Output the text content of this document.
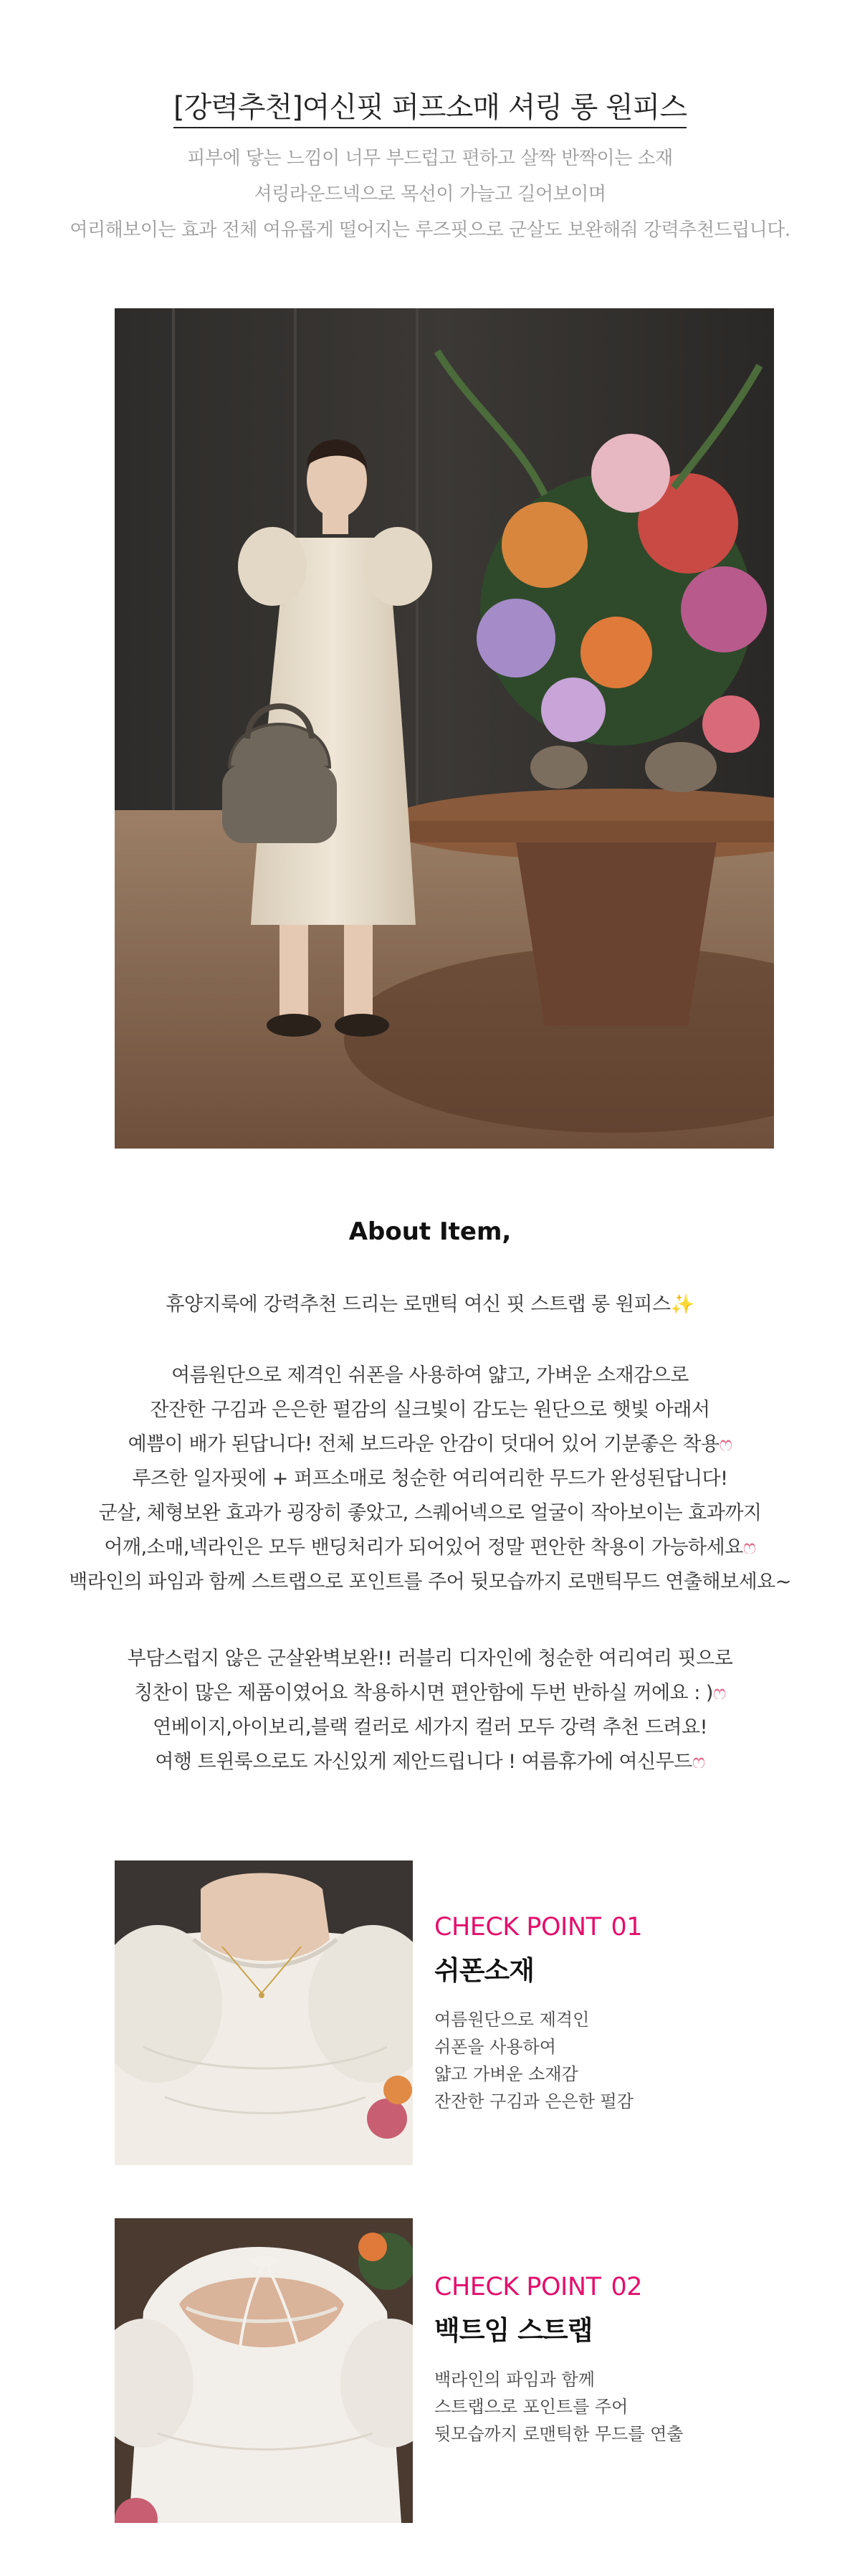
[강력추천]여신핏 퍼프소매 셔링 롱 원피스
피부에 닿는 느낌이 너무 부드럽고 편하고 살짝 반짝이는 소재
셔링라운드넥으로 목선이 가늘고 길어보이며
여리해보이는 효과 전체 여유롭게 떨어지는 루즈핏으로 군살도 보완해줘 강력추천드립니다.
About Item,
휴양지룩에 강력추천 드리는 로맨틱 여신 핏 스트랩 롱 원피스✨
여름원단으로 제격인 쉬폰을 사용하여 얇고, 가벼운 소재감으로
잔잔한 구김과 은은한 펄감의 실크빛이 감도는 원단으로 햇빛 아래서
예쁨이 배가 된답니다! 전체 보드라운 안감이 덧대어 있어 기분좋은 착용ෆ
루즈한 일자핏에 + 퍼프소매로 청순한 여리여리한 무드가 완성된답니다!
군살, 체형보완 효과가 굉장히 좋았고, 스퀘어넥으로 얼굴이 작아보이는 효과까지
어깨,소매,넥라인은 모두 밴딩처리가 되어있어 정말 편안한 착용이 가능하세요ෆ
백라인의 파임과 함께 스트랩으로 포인트를 주어 뒷모습까지 로맨틱무드 연출해보세요~
부담스럽지 않은 군살완벽보완!! 러블리 디자인에 청순한 여리여리 핏으로
칭찬이 많은 제품이였어요 착용하시면 편안함에 두번 반하실 꺼에요 : )ෆ
연베이지,아이보리,블랙 컬러로 세가지 컬러 모두 강력 추천 드려요!
여행 트윈룩으로도 자신있게 제안드립니다 ! 여름휴가에 여신무드ෆ
CHECK POINT 01
쉬폰소재
여름원단으로 제격인
쉬폰을 사용하여
얇고 가벼운 소재감
잔잔한 구김과 은은한 펄감
CHECK POINT 02
백트임 스트랩
백라인의 파임과 함께
스트랩으로 포인트를 주어
뒷모습까지 로맨틱한 무드를 연출
